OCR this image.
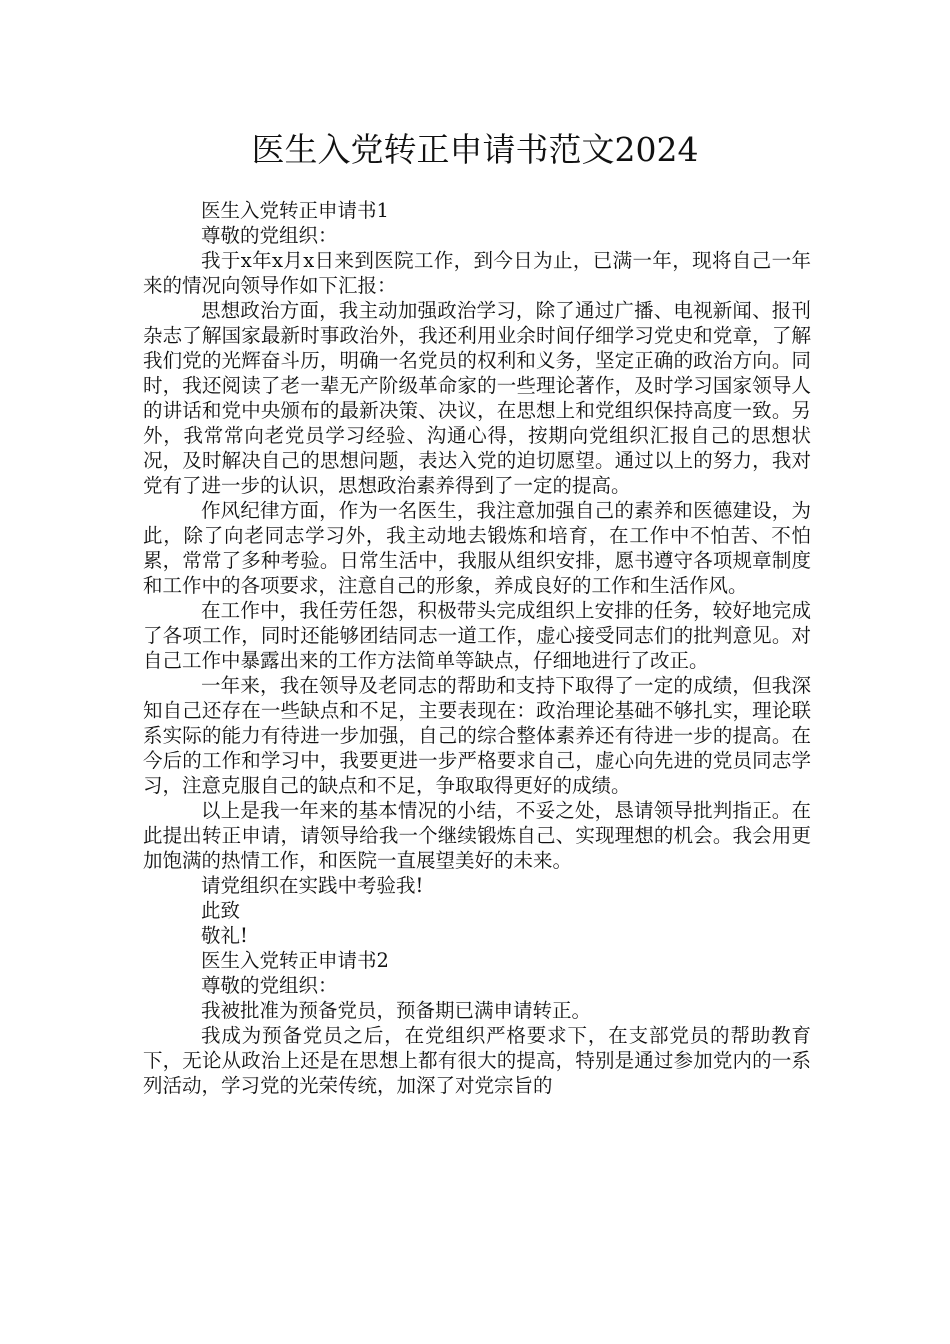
医生入党转正申请书范文2024

医生入党转正申请书1

尊敬的党组织：

我于x年x月x日来到医院工作，到今日为止，已满一年，现将自己一年来的情况向领导作如下汇报：

思想政治方面，我主动加强政治学习，除了通过广播、电视新闻、报刊杂志了解国家最新时事政治外，我还利用业余时间仔细学习党史和党章，了解我们党的光辉奋斗历，明确一名党员的权利和义务，坚定正确的政治方向。同时，我还阅读了老一辈无产阶级革命家的一些理论著作，及时学习国家领导人的讲话和党中央颁布的最新决策、决议，在思想上和党组织保持高度一致。另外，我常常向老党员学习经验、沟通心得，按期向党组织汇报自己的思想状况，及时解决自己的思想问题，表达入党的迫切愿望。通过以上的努力，我对党有了进一步的认识，思想政治素养得到了一定的提高。

作风纪律方面，作为一名医生，我注意加强自己的素养和医德建设，为此，除了向老同志学习外，我主动地去锻炼和培育，在工作中不怕苦、不怕累，常常了多种考验。日常生活中，我服从组织安排，愿书遵守各项规章制度和工作中的各项要求，注意自己的形象，养成良好的工作和生活作风。

在工作中，我任劳任怨，积极带头完成组织上安排的任务，较好地完成了各项工作，同时还能够团结同志一道工作，虚心接受同志们的批判意见。对自己工作中暴露出来的工作方法简单等缺点，仔细地进行了改正。

一年来，我在领导及老同志的帮助和支持下取得了一定的成绩，但我深知自己还存在一些缺点和不足，主要表现在：政治理论基础不够扎实，理论联系实际的能力有待进一步加强，自己的综合整体素养还有待进一步的提高。在今后的工作和学习中，我要更进一步严格要求自己，虚心向先进的党员同志学习，注意克服自己的缺点和不足，争取取得更好的成绩。

以上是我一年来的基本情况的小结，不妥之处，恳请领导批判指正。在此提出转正申请，请领导给我一个继续锻炼自己、实现理想的机会。我会用更加饱满的热情工作，和医院一直展望美好的未来。

请党组织在实践中考验我!

此致

敬礼!

医生入党转正申请书2

尊敬的党组织：

我被批准为预备党员，预备期已满申请转正。

我成为预备党员之后，在党组织严格要求下，在支部党员的帮助教育下，无论从政治上还是在思想上都有很大的提高，特别是通过参加党内的一系列活动，学习党的光荣传统，加深了对党宗旨的
